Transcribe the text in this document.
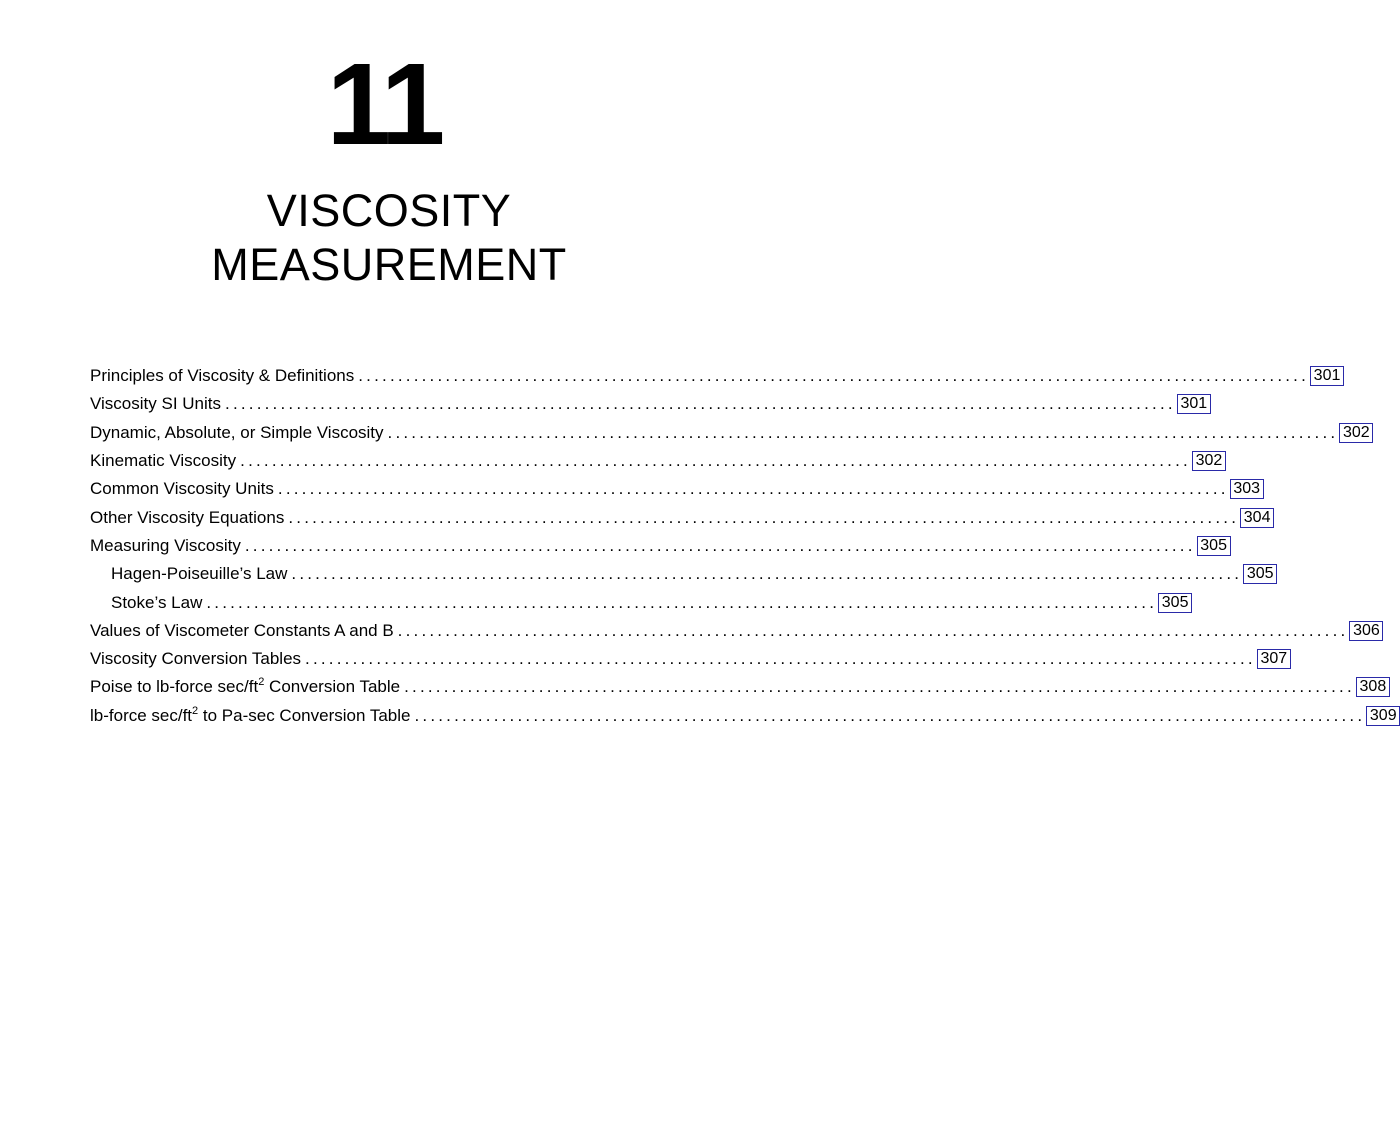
11
VISCOSITY
MEASUREMENT
Principles of Viscosity & Definitions ........................................................................................................................ 301
Viscosity SI Units ........................................................................................................................ 301
Dynamic, Absolute, or Simple Viscosity ........................................................................................................................ 302
Kinematic Viscosity ........................................................................................................................ 302
Common Viscosity Units ........................................................................................................................ 303
Other Viscosity Equations ........................................................................................................................ 304
Measuring Viscosity ........................................................................................................................ 305
Hagen-Poiseuille’s Law ........................................................................................................................ 305
Stoke’s Law ........................................................................................................................ 305
Values of Viscometer Constants A and B ........................................................................................................................ 306
Viscosity Conversion Tables ........................................................................................................................ 307
Poise to lb-force $\sec/ft^2$ Conversion Table ........................................................................................................................ 308
lb-force $\sec/ft^2$ to Pa-sec Conversion Table ........................................................................................................................ 309
